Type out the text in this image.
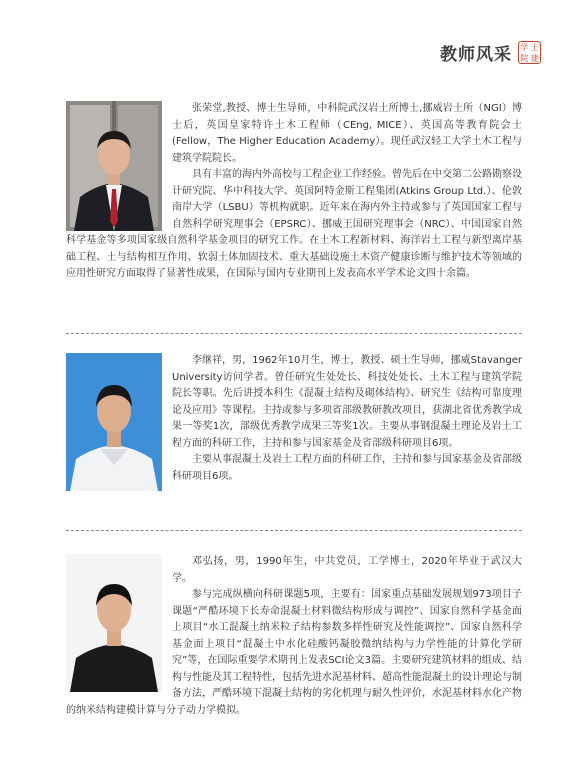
教师风采 学 土
院 建

张荣堂,教授、博士生导师，中科院武汉岩土所博士,挪威岩土所（NGI）博士后，英国皇家特许土木工程师（CEng, MICE）、英国高等教育院会士(Fellow，The Higher Education Academy）。现任武汉轻工大学土木工程与建筑学院院长。

具有丰富的海内外高校与工程企业工作经验。曾先后在中交第二公路勘察设计研究院、华中科技大学、英国阿特金斯工程集团(Atkins Group Ltd.）、伦敦南岸大学（LSBU）等机构就职。近年来在海内外主持或参与了英国国家工程与自然科学研究理事会（EPSRC）、挪威王国研究理事会（NRC）、中国国家自然科学基金等多项国家级自然科学基金项目的研究工作。在土木工程新材料、海洋岩土工程与新型离岸基础工程、土与结构相互作用、软弱土体加固技术、重大基础设施土木资产健康诊断与维护技术等领域的应用性研究方面取得了显著性成果，在国际与国内专业期刊上发表高水平学术论文四十余篇。

李继祥，男，1962年10月生，博士，教授、硕士生导师，挪威Stavanger University访问学者。曾任研究生处处长、科技处处长、土木工程与建筑学院院长等职。先后讲授本科生《混凝土结构及砌体结构》、研究生《结构可靠度理论及应用》等课程。主持或参与多项省部级教研教改项目，获湖北省优秀教学成果一等奖1次，部级优秀教学成果三等奖1次。主要从事钢混凝土理论及岩土工程方面的科研工作，主持和参与国家基金及省部级科研项目6项。

主要从事混凝土及岩土工程方面的科研工作，主持和参与国家基金及省部级科研项目6项。

邓弘扬，男，1990年生，中共党员，工学博士，2020年毕业于武汉大学。

参与完成纵横向科研课题5项，主要有：国家重点基础发展规划973项目子课题“严酷环境下长寿命混凝土材料微结构形成与调控”、国家自然科学基金面上项目“水工混凝土纳米粒子结构参数多样性研究及性能调控”、国家自然科学基金面上项目“混凝土中水化硅酸钙凝胶微纳结构与力学性能的计算化学研究”等，在国际重要学术期刊上发表SCI论文3篇。主要研究建筑材料的组成、结构与性能及其工程特性，包括先进水泥基材料、超高性能混凝土的设计理论与制备方法，严酷环境下混凝土结构的劣化机理与耐久性评价，水泥基材料水化产物的纳米结构建模计算与分子动力学模拟。
